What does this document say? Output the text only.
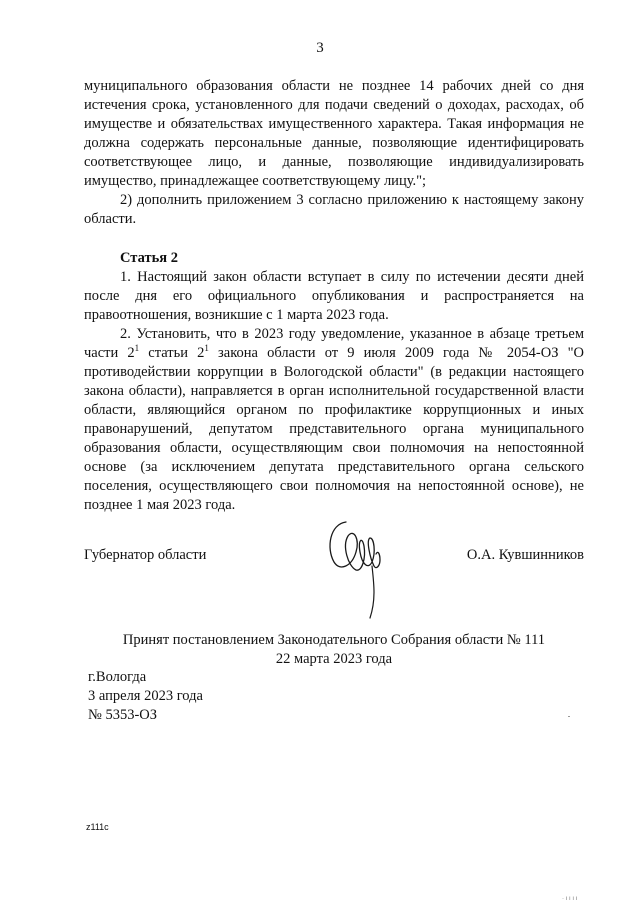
3

муниципального образования области не позднее 14 рабочих дней со дня истечения срока, установленного для подачи сведений о доходах, расходах, об имуществе и обязательствах имущественного характера. Такая информация не должна содержать персональные данные, позволяющие идентифицировать соответствующее лицо, и данные, позволяющие индивидуализировать имущество, принадлежащее соответствующему лицу.";

2) дополнить приложением 3 согласно приложению к настоящему закону области.

Статья 2

1. Настоящий закон области вступает в силу по истечении десяти дней после дня его официального опубликования и распространяется на правоотношения, возникшие с 1 марта 2023 года.

2. Установить, что в 2023 году уведомление, указанное в абзаце третьем части $2^1$ статьи $2^1$ закона области от 9 июля 2009 года № 2054-ОЗ "О противодействии коррупции в Вологодской области" (в редакции настоящего закона области), направляется в орган исполнительной государственной власти области, являющийся органом по профилактике коррупционных и иных правонарушений, депутатом представительного органа муниципального образования области, осуществляющим свои полномочия на непостоянной основе (за исключением депутата представительного органа сельского поселения, осуществляющего свои полномочия на непостоянной основе), не позднее 1 мая 2023 года.

Губернатор области	О.А. Кувшинников
Принят постановлением Законодательного Собрания области № 111
22 марта 2023 года
г.Вологда
3 апреля 2023 года
№ 5353-ОЗ
z111c
· ı ı ı ı
